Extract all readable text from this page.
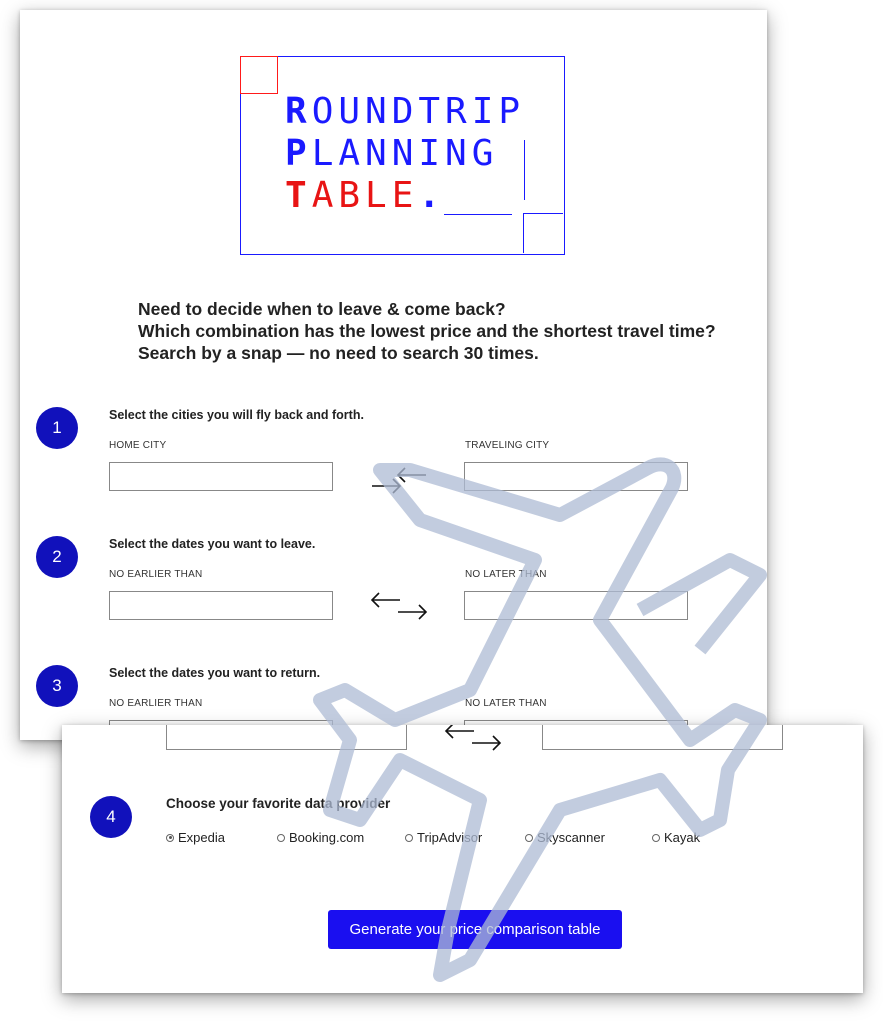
ROUNDTRIP
PLANNING
TABLE.
Need to decide when to leave & come back?
Which combination has the lowest price and the shortest travel time?
Search by a snap — no need to search 30 times.
1
Select the cities you will fly back and forth.
HOME CITY	TRAVELING CITY
2
Select the dates you want to leave.
NO EARLIER THAN	NO LATER THAN
3
Select the dates you want to return.
NO EARLIER THAN	NO LATER THAN
4
Choose your favorite data provider
Expedia	Booking.com	TripAdvisor	Skyscanner	Kayak
Generate your price comparison table
